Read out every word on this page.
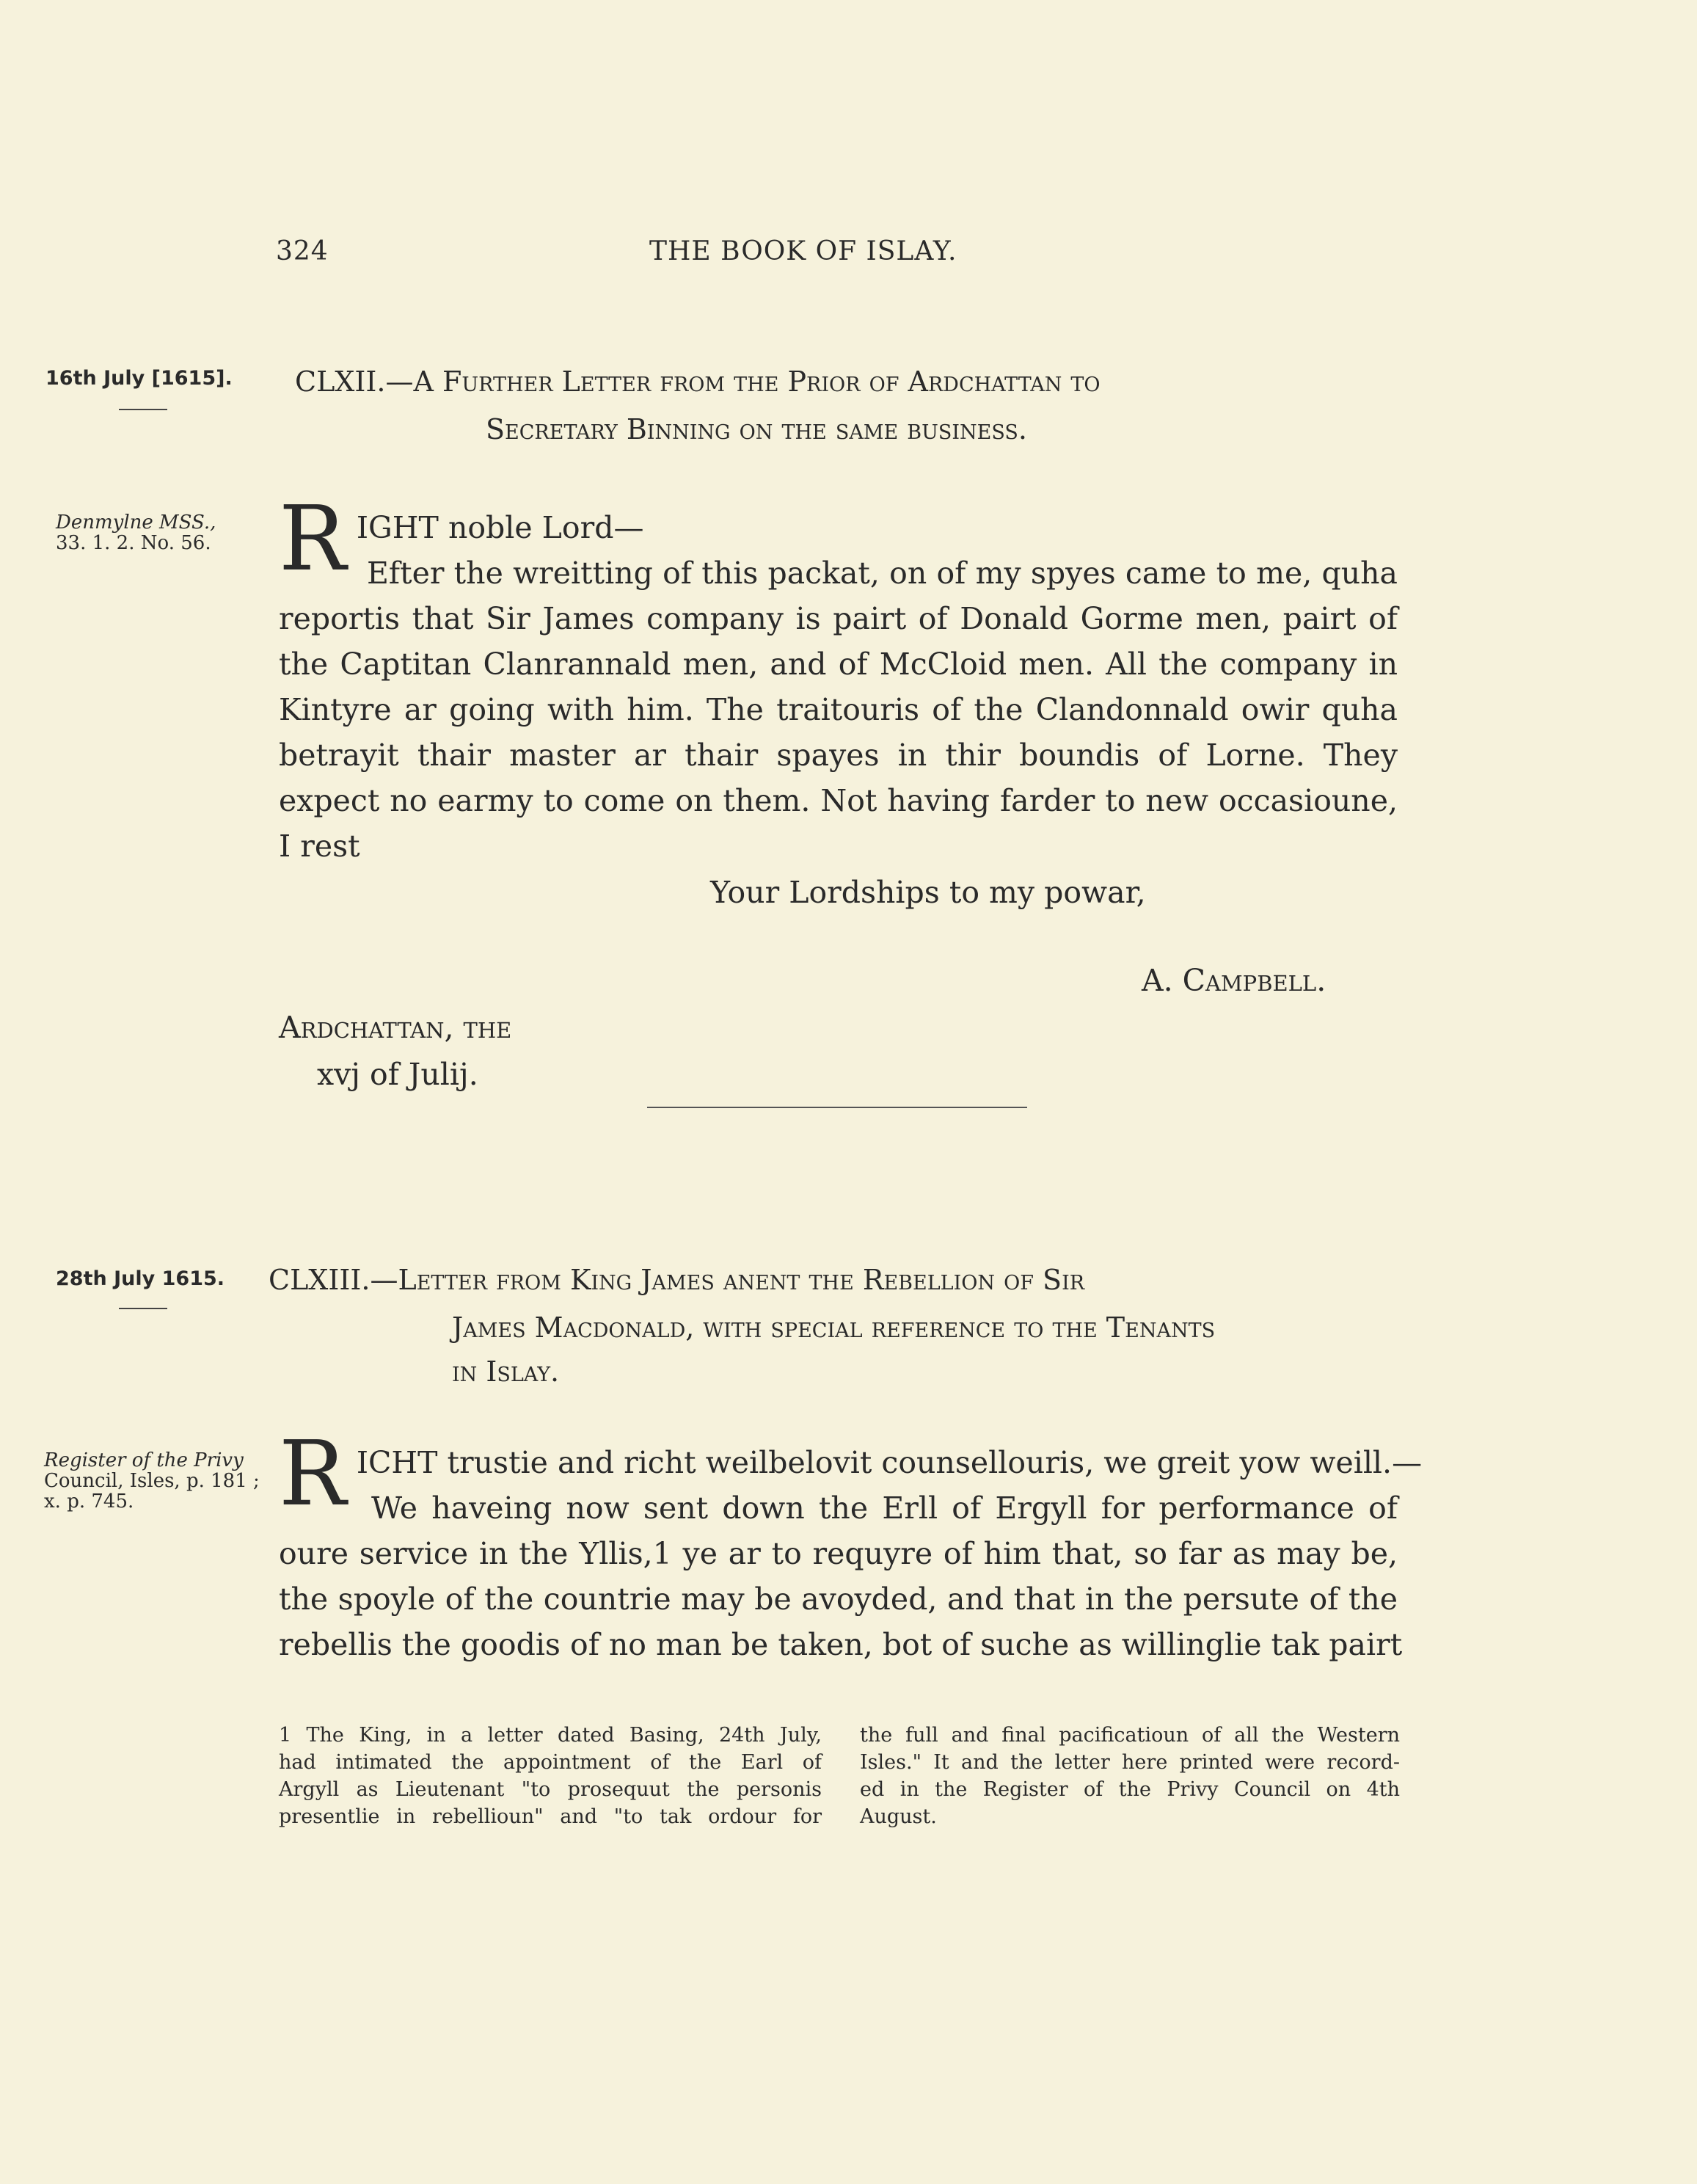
324	THE BOOK OF ISLAY.
16th July [1615]. CLXII.—A Further Letter from the Prior of Ardchattan to
Secretary Binning on the same business.
Denmylne MSS.,
33. 1. 2. No. 56. R IGHT noble Lord—
Efter the wreitting of this packat, on of my spyes came to me, quha
reportis that Sir James company is pairt of Donald Gorme men, pairt of
the Captitan Clanrannald men, and of McCloid men. All the company in
Kintyre ar going with him. The traitouris of the Clandonnald owir quha
betrayit thair master ar thair spayes in thir boundis of Lorne. They
expect no earmy to come on them. Not having farder to new occasioune,
I rest
Your Lordships to my powar,
A. Campbell.
Ardchattan, the
xvj of Julij.
28th July 1615. CLXIII.—Letter from King James anent the Rebellion of Sir
James Macdonald, with special reference to the Tenants
in Islay.
Register of the Privy
Council, Isles, p. 181 ;
x. p. 745.	R ICHT trustie and richt weilbelovit counsellouris, we greit yow weill.—
We haveing now sent down the Erll of Ergyll for performance of
oure service in the Yllis,1 ye ar to requyre of him that, so far as may be,
the spoyle of the countrie may be avoyded, and that in the persute of the
rebellis the goodis of no man be taken, bot of suche as willinglie tak pairt
1 The King, in a letter dated Basing, 24th July,
had intimated the appointment of the Earl of
Argyll as Lieutenant "to prosequut the personis
presentlie in rebellioun" and "to tak ordour for
the full and final pacificatioun of all the Western
Isles." It and the letter here printed were record-
ed in the Register of the Privy Council on 4th
August.
